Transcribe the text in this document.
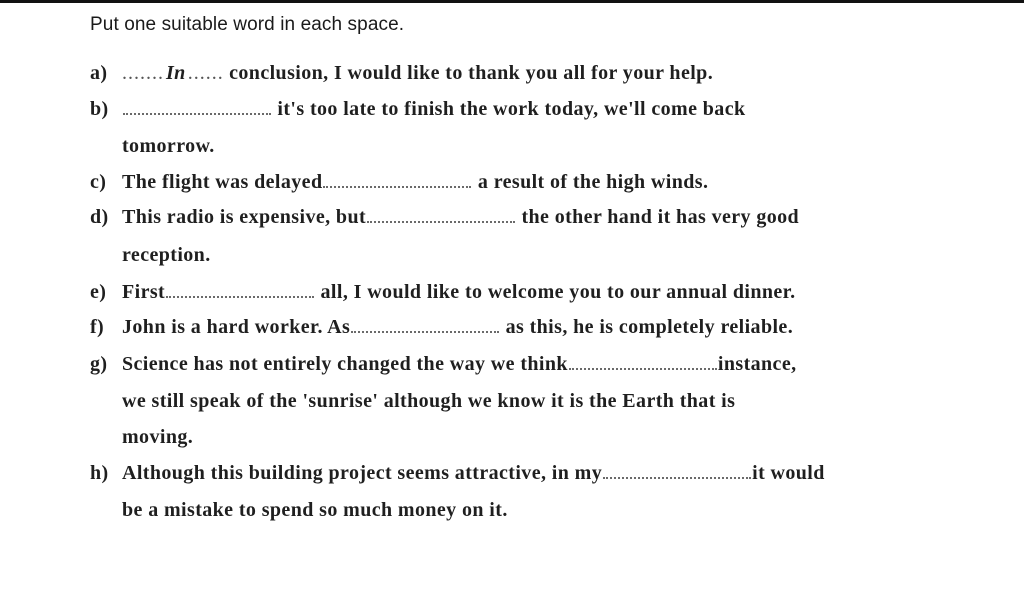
Put one suitable word in each space.
a) ....... In ...... conclusion, I would like to thank you all for your help.
b)	it's too late to finish the work today, we'll come back
tomorrow.
c) The flight was delayed	a result of the high winds.
d) This radio is expensive, but	the other hand it has very good
reception.
e) First	all, I would like to welcome you to our annual dinner.
f) John is a hard worker. As	as this, he is completely reliable.
g) Science has not entirely changed the way we think	instance,
we still speak of the 'sunrise' although we know it is the Earth that is
moving.
h) Although this building project seems attractive, in my	it would
be a mistake to spend so much money on it.
